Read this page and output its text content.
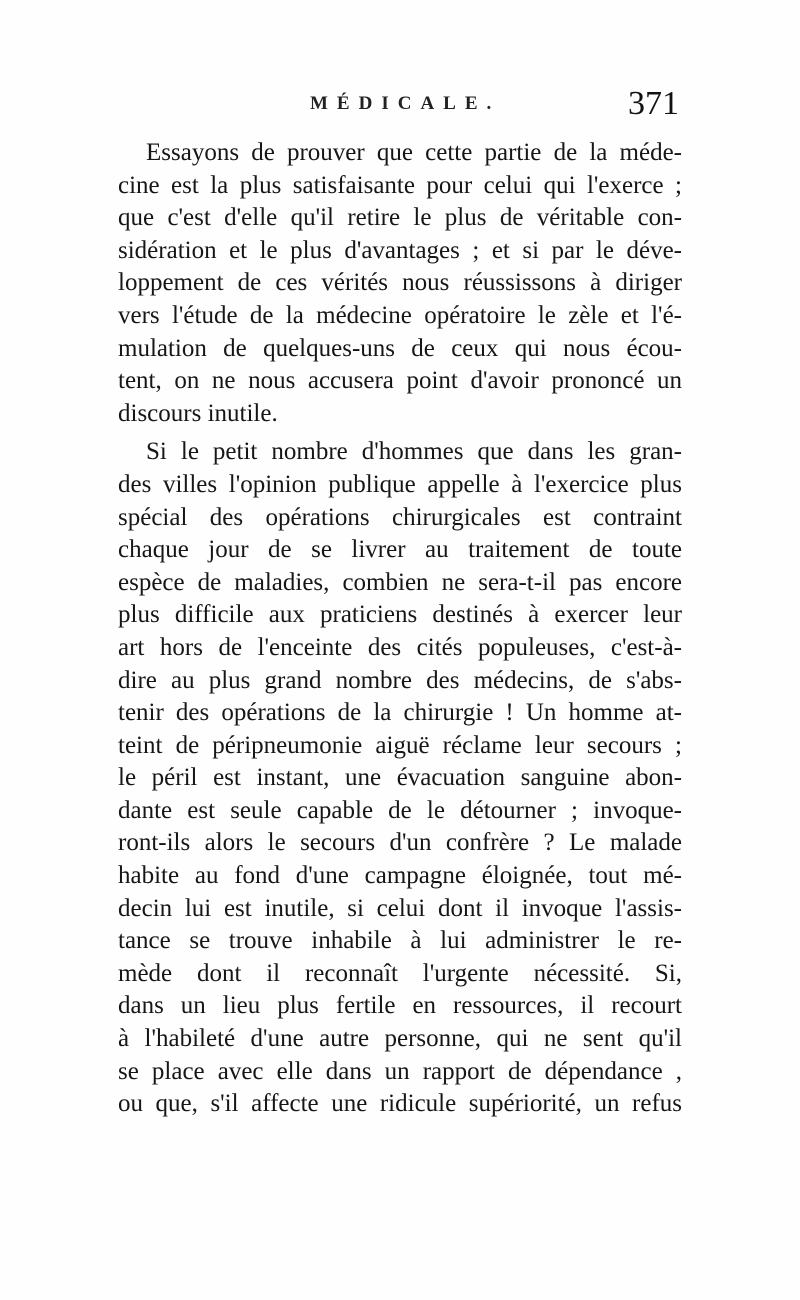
MÉDICALE.	371
Essayons de prouver que cette partie de la méde-
cine est la plus satisfaisante pour celui qui l'exerce ;
que c'est d'elle qu'il retire le plus de véritable con-
sidération et le plus d'avantages ; et si par le déve-
loppement de ces vérités nous réussissons à diriger
vers l'étude de la médecine opératoire le zèle et l'é-
mulation de quelques-uns de ceux qui nous écou-
tent, on ne nous accusera point d'avoir prononcé un
discours inutile.
Si le petit nombre d'hommes que dans les gran-
des villes l'opinion publique appelle à l'exercice plus
spécial des opérations chirurgicales est contraint
chaque jour de se livrer au traitement de toute
espèce de maladies, combien ne sera-t-il pas encore
plus difficile aux praticiens destinés à exercer leur
art hors de l'enceinte des cités populeuses, c'est-à-
dire au plus grand nombre des médecins, de s'abs-
tenir des opérations de la chirurgie ! Un homme at-
teint de péripneumonie aiguë réclame leur secours ;
le péril est instant, une évacuation sanguine abon-
dante est seule capable de le détourner ; invoque-
ront-ils alors le secours d'un confrère ? Le malade
habite au fond d'une campagne éloignée, tout mé-
decin lui est inutile, si celui dont il invoque l'assis-
tance se trouve inhabile à lui administrer le re-
mède dont il reconnaît l'urgente nécessité. Si,
dans un lieu plus fertile en ressources, il recourt
à l'habileté d'une autre personne, qui ne sent qu'il
se place avec elle dans un rapport de dépendance ,
ou que, s'il affecte une ridicule supériorité, un refus
